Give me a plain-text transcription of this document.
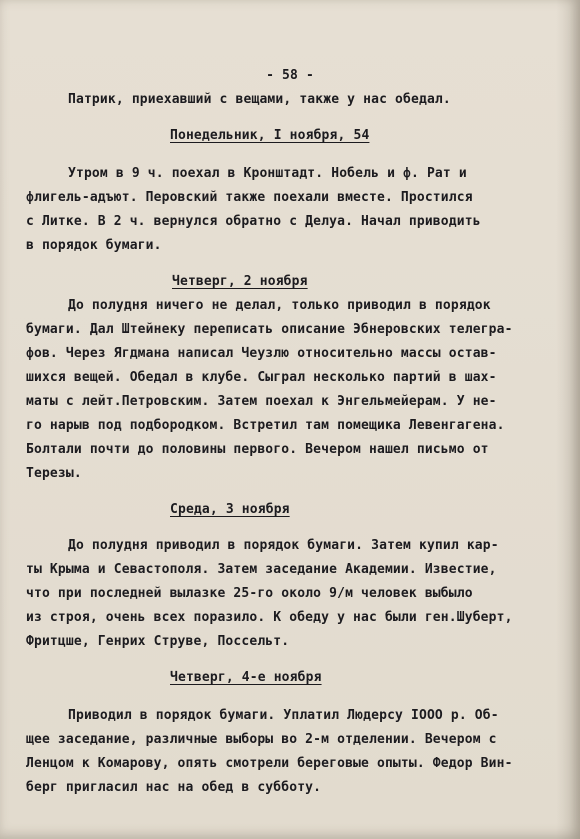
- 58 -
Патрик, приехавший с вещами, также у нас обедал.
Понедельник, I ноября, 54
Утром в 9 ч. поехал в Кронштадт. Нобель и ф. Рат и
флигель-адъют. Перовский также поехали вместе. Простился
с Литке. В 2 ч. вернулся обратно с Делуа. Начал приводить
в порядок бумаги.
Четверг, 2 ноября
До полудня ничего не делал, только приводил в порядок
бумаги. Дал Штейнеку переписать описание Эбнеровских телегра-
фов. Через Ягдмана написал Чеузлю относительно массы остав-
шихся вещей. Обедал в клубе. Сыграл несколько партий в шах-
маты с лейт.Петровским. Затем поехал к Энгельмейерам. У не-
го нарыв под подбородком. Встретил там помещика Левенгагена.
Болтали почти до половины первого. Вечером нашел письмо от
Терезы.
Среда, 3 ноября
До полудня приводил в порядок бумаги. Затем купил кар-
ты Крыма и Севастополя. Затем заседание Академии. Известие,
что при последней вылазке 25-го около 9/м человек выбыло
из строя, очень всех поразило. К обеду у нас были ген.Шуберт,
Фритцше, Генрих Струве, Поссельт.
Четверг, 4-е ноября
Приводил в порядок бумаги. Уплатил Людерсу IOOO р. Об-
щее заседание, различные выборы во 2-м отделении. Вечером с
Ленцом к Комарову, опять смотрели береговые опыты. Федор Вин-
берг пригласил нас на обед в субботу.
